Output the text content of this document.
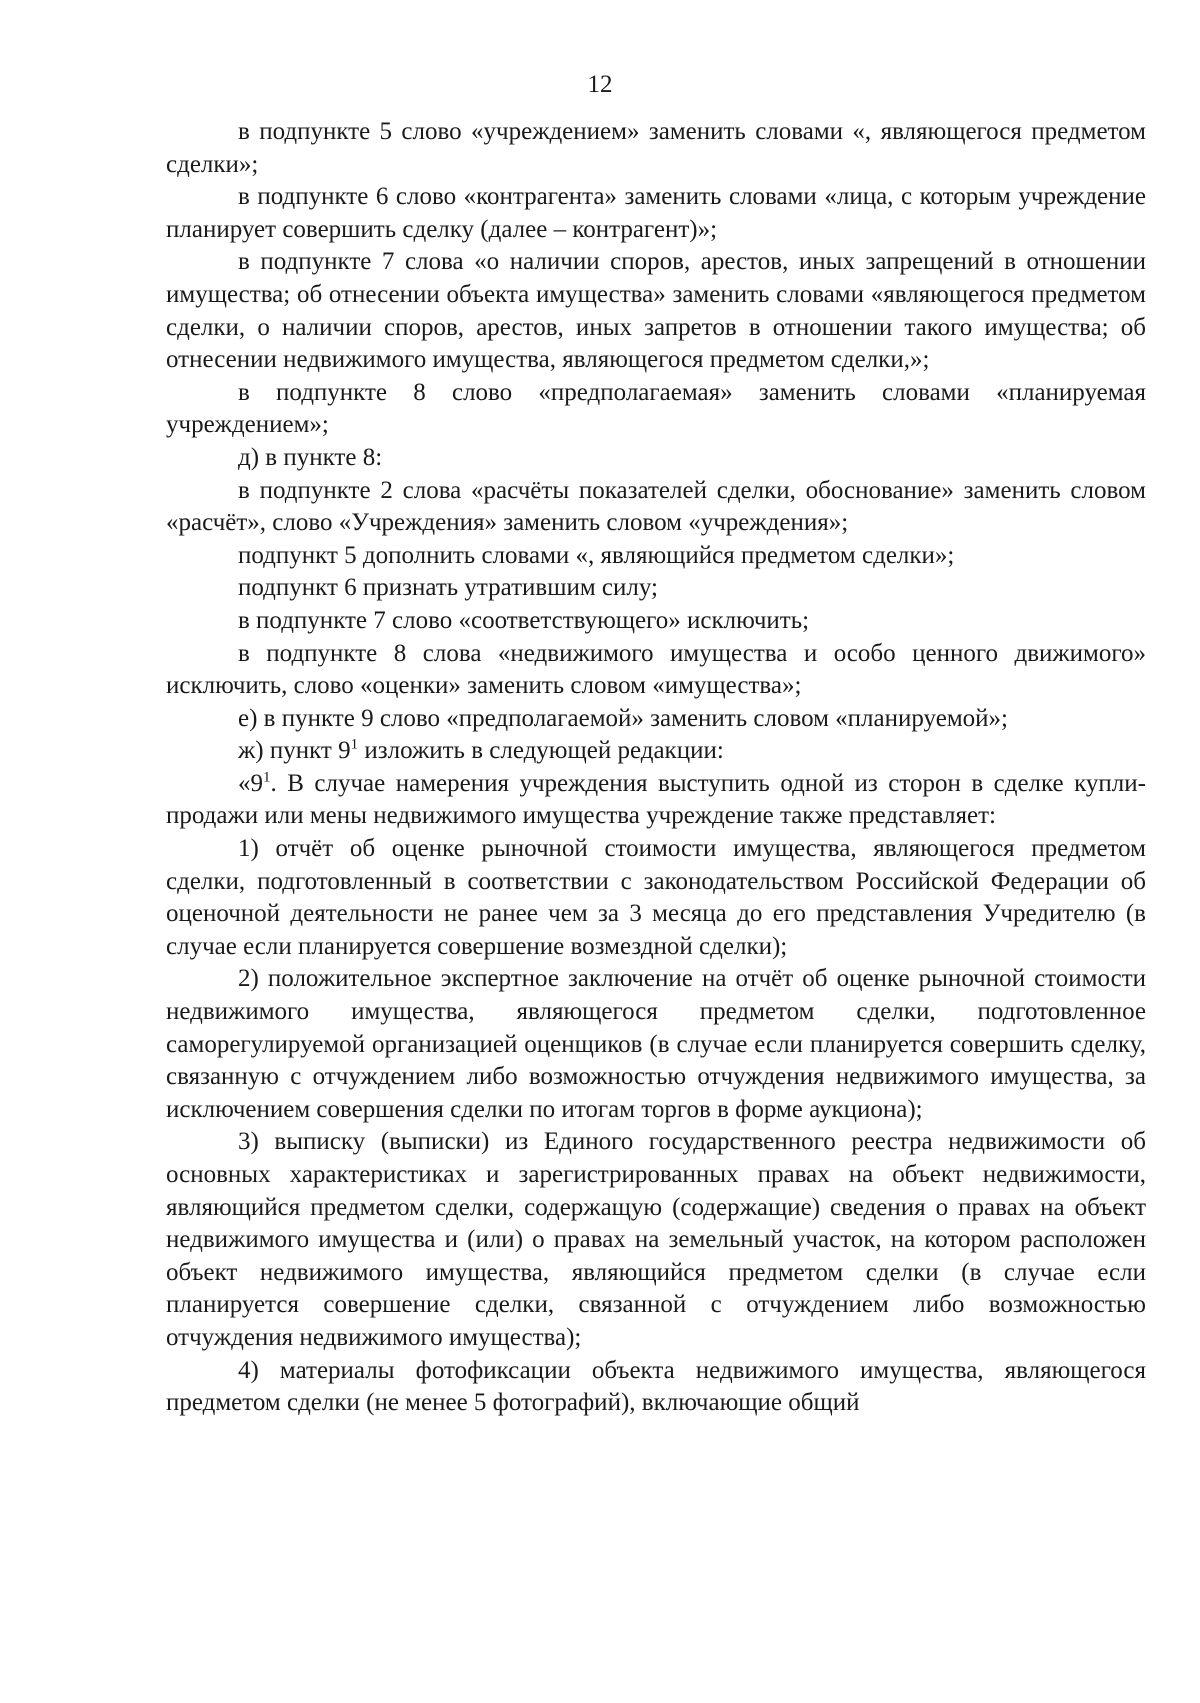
12

в подпункте 5 слово «учреждением» заменить словами «, являющегося предметом сделки»;

в подпункте 6 слово «контрагента» заменить словами «лица, с которым учреждение планирует совершить сделку (далее – контрагент)»;

в подпункте 7 слова «о наличии споров, арестов, иных запрещений в отношении имущества; об отнесении объекта имущества» заменить словами «являющегося предметом сделки, о наличии споров, арестов, иных запретов в отношении такого имущества; об отнесении недвижимого имущества, являющегося предметом сделки,»;

в подпункте 8 слово «предполагаемая» заменить словами «планируемая учреждением»;

д) в пункте 8:

в подпункте 2 слова «расчёты показателей сделки, обоснование» заменить словом «расчёт», слово «Учреждения» заменить словом «учреждения»;

подпункт 5 дополнить словами «, являющийся предметом сделки»;

подпункт 6 признать утратившим силу;

в подпункте 7 слово «соответствующего» исключить;

в подпункте 8 слова «недвижимого имущества и особо ценного движимого» исключить, слово «оценки» заменить словом «имущества»;

е) в пункте 9 слово «предполагаемой» заменить словом «планируемой»;

ж) пункт $9^1$ изложить в следующей редакции:

«$9^1$. В случае намерения учреждения выступить одной из сторон в сделке купли-продажи или мены недвижимого имущества учреждение также представляет:

1) отчёт об оценке рыночной стоимости имущества, являющегося предметом сделки, подготовленный в соответствии с законодательством Российской Федерации об оценочной деятельности не ранее чем за 3 месяца до его представления Учредителю (в случае если планируется совершение возмездной сделки);

2) положительное экспертное заключение на отчёт об оценке рыночной стоимости недвижимого имущества, являющегося предметом сделки, подготовленное саморегулируемой организацией оценщиков (в случае если планируется совершить сделку, связанную с отчуждением либо возможностью отчуждения недвижимого имущества, за исключением совершения сделки по итогам торгов в форме аукциона);

3) выписку (выписки) из Единого государственного реестра недвижимости об основных характеристиках и зарегистрированных правах на объект недвижимости, являющийся предметом сделки, содержащую (содержащие) сведения о правах на объект недвижимого имущества и (или) о правах на земельный участок, на котором расположен объект недвижимого имущества, являющийся предметом сделки (в случае если планируется совершение сделки, связанной с отчуждением либо возможностью отчуждения недвижимого имущества);

4) материалы фотофиксации объекта недвижимого имущества, являющегося предметом сделки (не менее 5 фотографий), включающие общий
